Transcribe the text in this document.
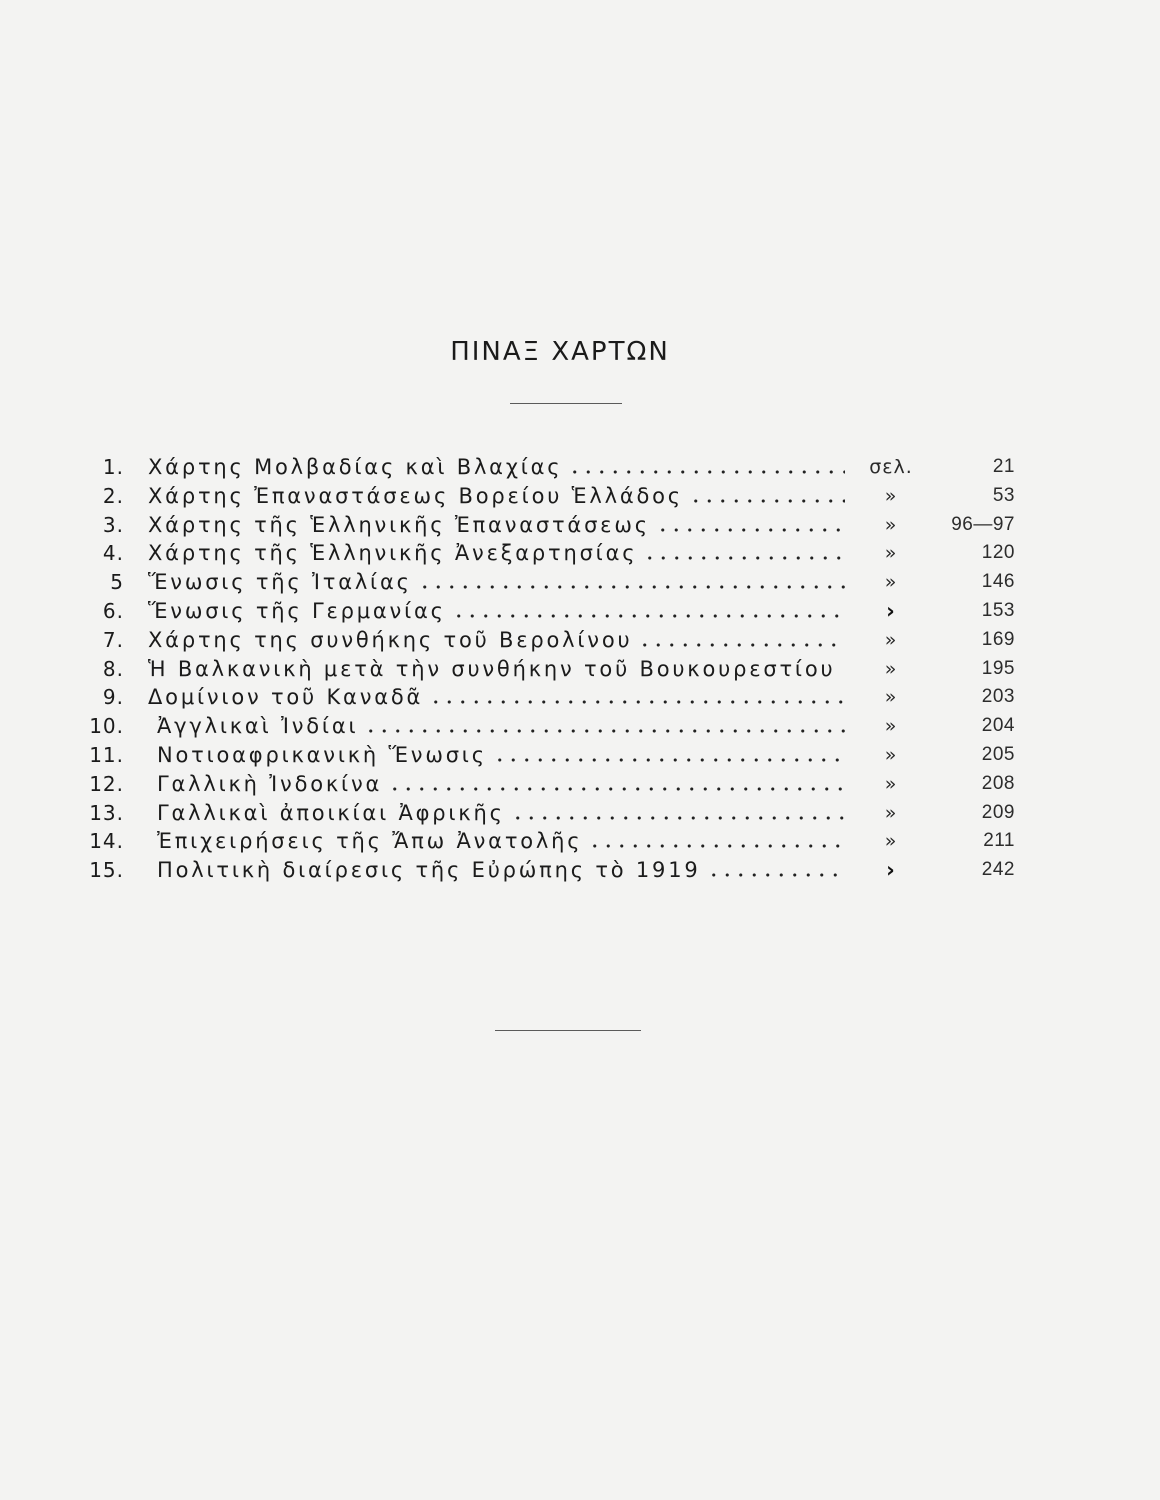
ΠΙΝΑΞ ΧΑΡΤΩΝ
1. Χάρτης Μολβαδίας καὶ Βλαχίας	σελ.	21
2. Χάρτης Ἐπαναστάσεως Βορείου Ἑλλάδος	»	53
3. Χάρτης τῆς Ἑλληνικῆς Ἐπαναστάσεως	»	96—97
4. Χάρτης τῆς Ἑλληνικῆς Ἀνεξαρτησίας	»	120
5 Ἕνωσις τῆς Ἰταλίας	»	146
6. Ἕνωσις τῆς Γερμανίας	›	153
7. Χάρτης της συνθήκης τοῦ Βερολίνου	»	169
8. Ἡ Βαλκανικὴ μετὰ τὴν συνθήκην τοῦ Βουκουρεστίου	»	195
9. Δομίνιον τοῦ Καναδᾶ	»	203
10. Ἀγγλικαὶ Ἰνδίαι	»	204
11. Νοτιοαφρικανικὴ Ἕνωσις	»	205
12. Γαλλικὴ Ἰνδοκίνα	»	208
13. Γαλλικαὶ ἀποικίαι Ἀφρικῆς	»	209
14. Ἐπιχειρήσεις τῆς Ἄπω Ἀνατολῆς	»	211
15. Πολιτικὴ διαίρεσις τῆς Εὐρώπης τὸ 1919	›	242
